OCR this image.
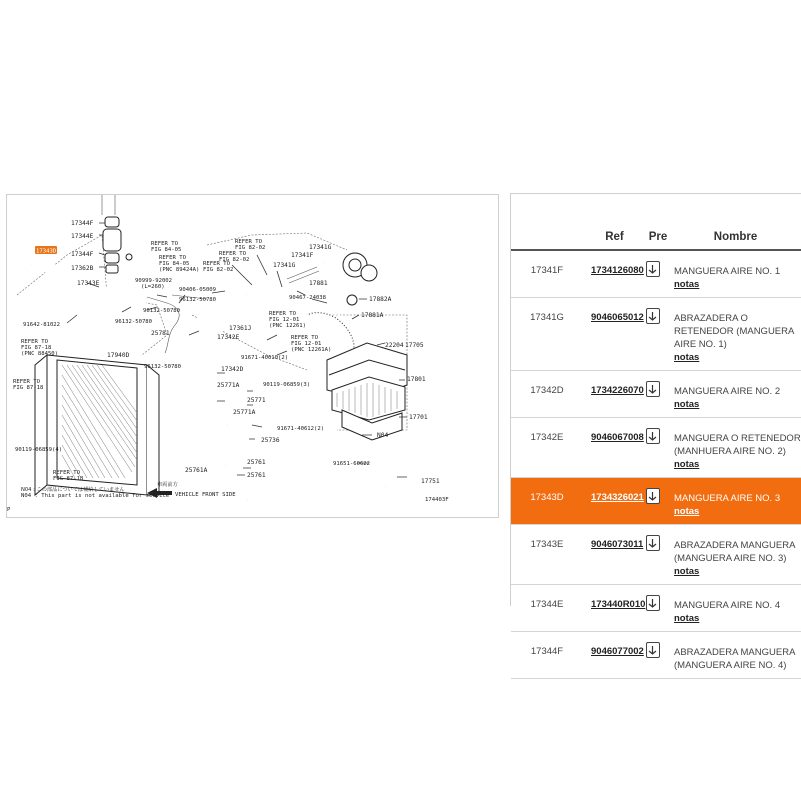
17343D
17344F
17344E
17344F
17362B
17343E
91642-81022	96132-50780
96132-50780
96132-50780
96132-50780
90999-92002
(L=260)	90406-05009
25781
17940D
17361J
17342E
17342D
17341G
17341F
17341G
17881
90467-24038	17882A
17881A
22204 17705
17801
17701
91671-40610(2)
91671-40612(2)
90119-06859(3)
90119-06859(4)
25771A
25771
25771A
25736
25761A
25761
25761
N04
91651-60622
17751
REFER TO
FIG 84-05
REFER TO
FIG 84-05
(PNC 89424A)
REFER TO
FIG 82-02
REFER TO
FIG 82-02
REFER TO
FIG 82-02
REFER TO
FIG 12-01
(PNC 12261)
REFER TO
FIG 12-01
(PNC 12261A)
REFER TO
FIG 87-18
(PNC 88450)
REFER TO
FIG 87-18
REFER TO
FIG 87-18
車両前方
VEHICLE FRONT SIDE
N04 : この部品については補給していません
N04 : This part is not available for service
174403F
P

	Ref	Pre	Nombre
17341F	1734126080		MANGUERA AIRE NO. 1
notas

17341G	9046065012		ABRAZADERA O RETENEDOR (MANGUERA AIRE NO. 1)
notas

17342D	1734226070		MANGUERA AIRE NO. 2
notas

17342E	9046067008		MANGUERA O RETENEDOR (MANHUERA AIRE NO. 2)
notas

17343D	1734326021		MANGUERA AIRE NO. 3
notas

17343E	9046073011		ABRAZADERA MANGUERA (MANGUERA AIRE NO. 3)
notas

17344E	173440R010		MANGUERA AIRE NO. 4
notas

17344F	9046077002		ABRAZADERA MANGUERA (MANGUERA AIRE NO. 4)
